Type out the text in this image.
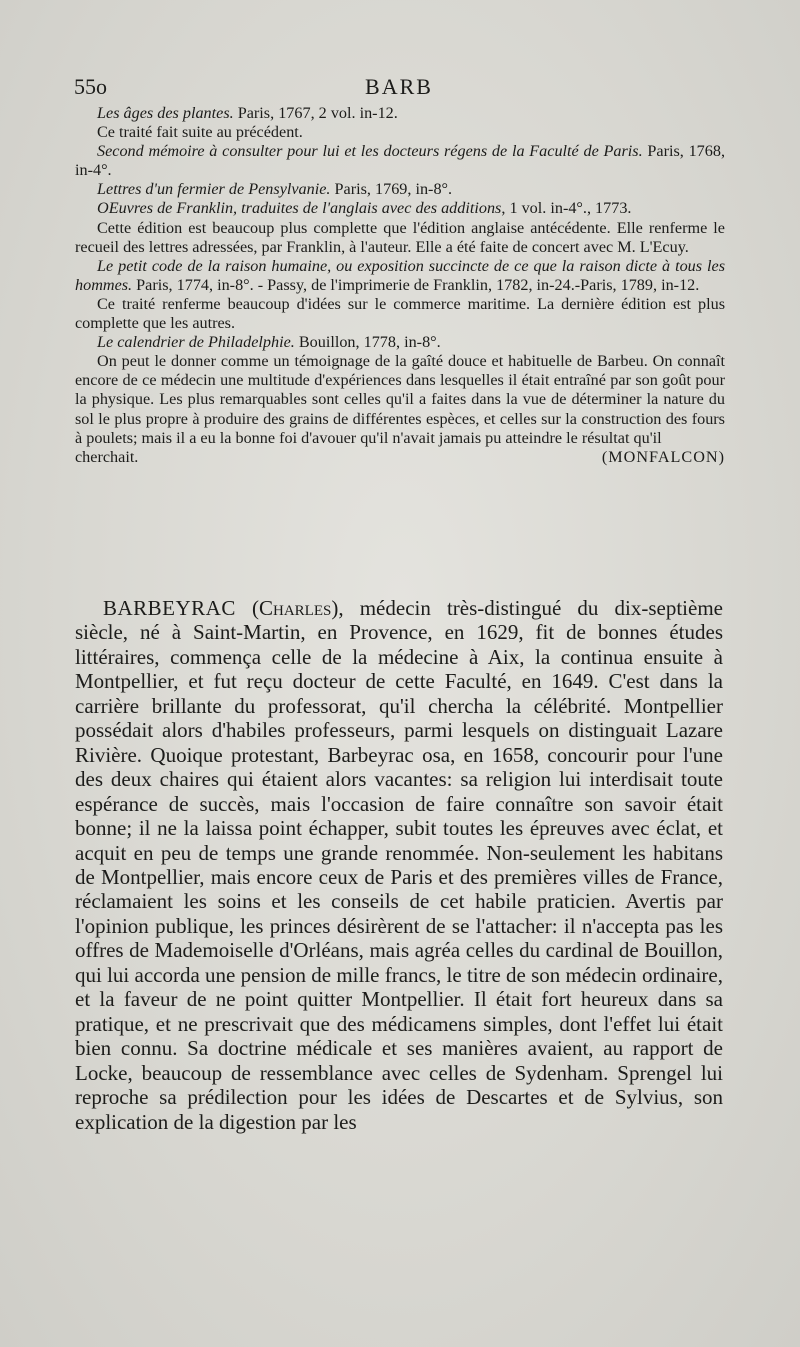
55o	BARB

Les âges des plantes. Paris, 1767, 2 vol. in-12.

Ce traité fait suite au précédent.

Second mémoire à consulter pour lui et les docteurs régens de la Faculté de Paris. Paris, 1768, in-4°.

Lettres d'un fermier de Pensylvanie. Paris, 1769, in-8°.

OEuvres de Franklin, traduites de l'anglais avec des additions, 1 vol. in-4°., 1773.

Cette édition est beaucoup plus complette que l'édition anglaise antécédente. Elle renferme le recueil des lettres adressées, par Franklin, à l'auteur. Elle a été faite de concert avec M. L'Ecuy.

Le petit code de la raison humaine, ou exposition succincte de ce que la raison dicte à tous les hommes. Paris, 1774, in-8°. - Passy, de l'imprimerie de Franklin, 1782, in-24.-Paris, 1789, in-12.

Ce traité renferme beaucoup d'idées sur le commerce maritime. La dernière édition est plus complette que les autres.

Le calendrier de Philadelphie. Bouillon, 1778, in-8°.

On peut le donner comme un témoignage de la gaîté douce et habituelle de Barbeu. On connaît encore de ce médecin une multitude d'expériences dans lesquelles il était entraîné par son goût pour la physique. Les plus remarquables sont celles qu'il a faites dans la vue de déterminer la nature du sol le plus propre à produire des grains de différentes espèces, et celles sur la construction des fours à poulets; mais il a eu la bonne foi d'avouer qu'il n'avait jamais pu atteindre le résultat qu'il

cherchait.	(MONFALCON)

BARBEYRAC (Charles), médecin très-distingué du dix-septième siècle, né à Saint-Martin, en Provence, en 1629, fit de bonnes études littéraires, commença celle de la médecine à Aix, la continua ensuite à Montpellier, et fut reçu docteur de cette Faculté, en 1649. C'est dans la carrière brillante du professorat, qu'il chercha la célébrité. Montpellier possédait alors d'habiles professeurs, parmi lesquels on distinguait Lazare Rivière. Quoique protestant, Barbeyrac osa, en 1658, concourir pour l'une des deux chaires qui étaient alors vacantes: sa religion lui interdisait toute espérance de succès, mais l'occasion de faire connaître son savoir était bonne; il ne la laissa point échapper, subit toutes les épreuves avec éclat, et acquit en peu de temps une grande renommée. Non-seulement les habitans de Montpellier, mais encore ceux de Paris et des premières villes de France, réclamaient les soins et les conseils de cet habile praticien. Avertis par l'opinion publique, les princes désirèrent de se l'attacher: il n'accepta pas les offres de Mademoiselle d'Orléans, mais agréa celles du cardinal de Bouillon, qui lui accorda une pension de mille francs, le titre de son médecin ordinaire, et la faveur de ne point quitter Montpellier. Il était fort heureux dans sa pratique, et ne prescrivait que des médicamens simples, dont l'effet lui était bien connu. Sa doctrine médicale et ses manières avaient, au rapport de Locke, beaucoup de ressemblance avec celles de Sydenham. Sprengel lui reproche sa prédilection pour les idées de Descartes et de Sylvius, son explication de la digestion par les
